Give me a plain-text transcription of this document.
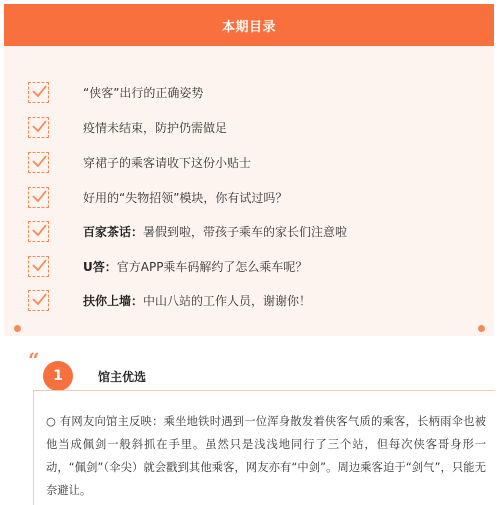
本期目录
“侠客”出行的正确姿势
疫情未结束，防护仍需做足
穿裙子的乘客请收下这份小贴士
好用的“失物招领”模块，你有试过吗？
百家茶话：暑假到啦，带孩子乘车的家长们注意啦
U答：官方APP乘车码解约了怎么乘车呢？
扶你上墙：中山八站的工作人员，谢谢你！
“
1	馆主优选
○ 有网友向馆主反映：乘坐地铁时遇到一位浑身散发着侠客气质的乘客，长柄雨伞也被他当成佩剑一般斜抓在手里。虽然只是浅浅地同行了三个站，但每次侠客哥身形一动，“佩剑”（伞尖）就会戳到其他乘客，网友亦有“中剑”。周边乘客迫于“剑气”，只能无奈避让。
